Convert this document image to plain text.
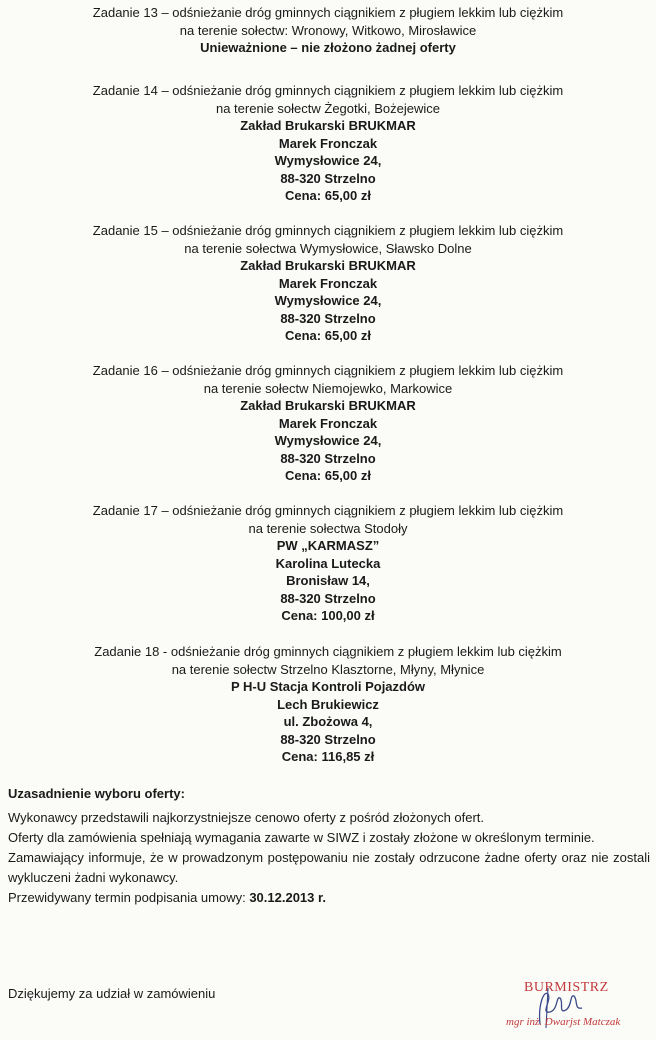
Zadanie 13 – odśnieżanie dróg gminnych ciągnikiem z pługiem lekkim lub ciężkim
na terenie sołectw: Wronowy, Witkowo, Mirosławice
Unieważnione – nie złożono żadnej oferty
Zadanie 14 – odśnieżanie dróg gminnych ciągnikiem z pługiem lekkim lub ciężkim
na terenie sołectw Żegotki, Bożejewice
Zakład Brukarski BRUKMAR
Marek Fronczak
Wymysłowice 24,
88-320 Strzelno
Cena: 65,00 zł
Zadanie 15 – odśnieżanie dróg gminnych ciągnikiem z pługiem lekkim lub ciężkim
na terenie sołectwa Wymysłowice, Sławsko Dolne
Zakład Brukarski BRUKMAR
Marek Fronczak
Wymysłowice 24,
88-320 Strzelno
Cena: 65,00 zł
Zadanie 16 – odśnieżanie dróg gminnych ciągnikiem z pługiem lekkim lub ciężkim
na terenie sołectw Niemojewko, Markowice
Zakład Brukarski BRUKMAR
Marek Fronczak
Wymysłowice 24,
88-320 Strzelno
Cena: 65,00 zł
Zadanie 17 – odśnieżanie dróg gminnych ciągnikiem z pługiem lekkim lub ciężkim
na terenie sołectwa Stodoły
PW „KARMASZ”
Karolina Lutecka
Bronisław 14,
88-320 Strzelno
Cena: 100,00 zł
Zadanie 18 - odśnieżanie dróg gminnych ciągnikiem z pługiem lekkim lub ciężkim
na terenie sołectw Strzelno Klasztorne, Młyny, Młynice
P H-U Stacja Kontroli Pojazdów
Lech Brukiewicz
ul. Zbożowa 4,
88-320 Strzelno
Cena: 116,85 zł
Uzasadnienie wyboru oferty:

Wykonawcy przedstawili najkorzystniejsze cenowo oferty z pośród złożonych ofert.

Oferty dla zamówienia spełniają wymagania zawarte w SIWZ i zostały złożone w określonym terminie.

Zamawiający informuje, że w prowadzonym postępowaniu nie zostały odrzucone żadne oferty oraz nie zostali wykluczeni żadni wykonawcy.

Przewidywany termin podpisania umowy: 30.12.2013 r.

Dziękujemy za udział w zamówieniu	BURMISTRZ
mgr inż. Dwarjst Matczak
